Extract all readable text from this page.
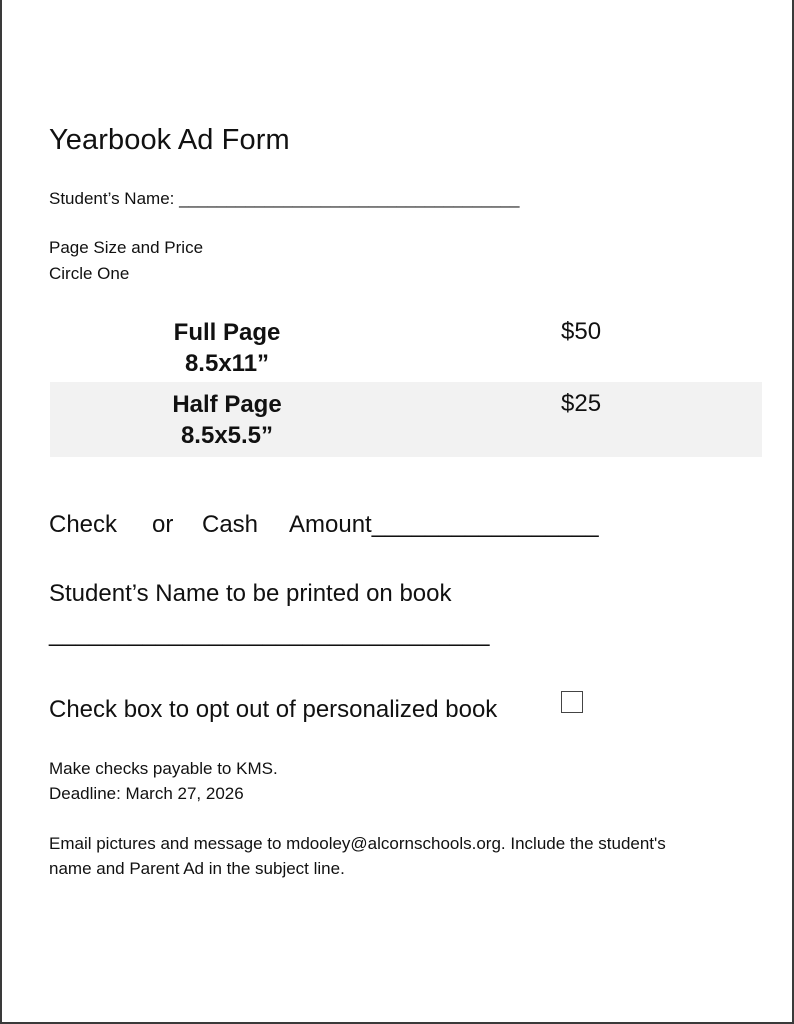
Yearbook Ad Form
Student’s Name: ____________________________________
Page Size and Price
Circle One
Full Page
8.5x11”
$50
Half Page
8.5x5.5”
$25
Check or Cash Amount_________________
Student’s Name to be printed on book
_________________________________
Check box to opt out of personalized book
Make checks payable to KMS.
Deadline: March 27, 2026
Email pictures and message to mdooley@alcornschools.org. Include the student's
name and Parent Ad in the subject line.
